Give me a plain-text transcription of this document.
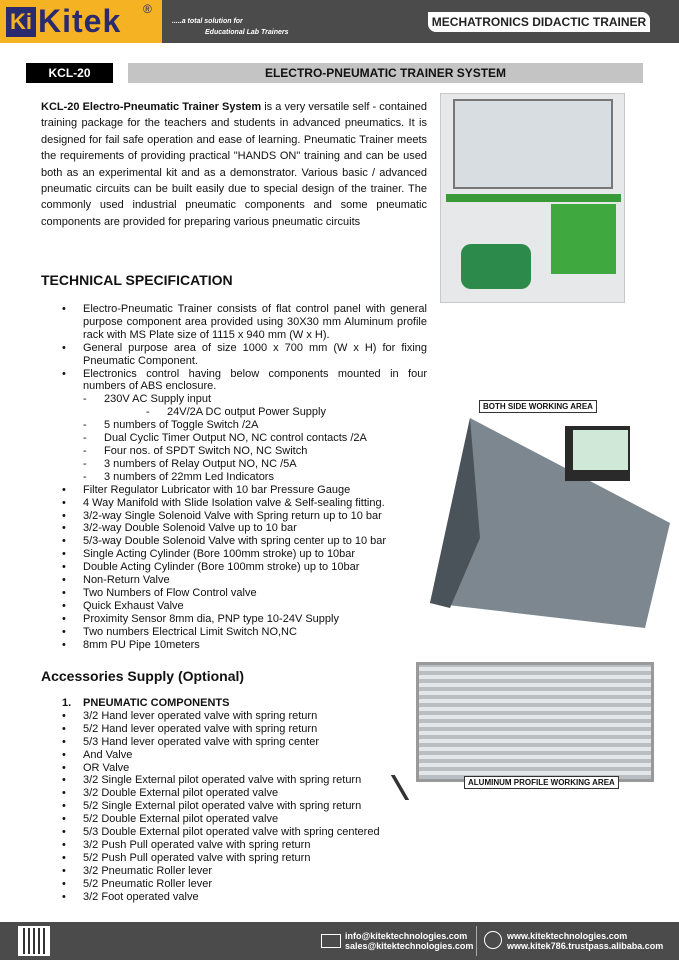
Ki Kitek ®
.....a total solution for
Educational Lab Trainers
MECHATRONICS DIDACTIC TRAINER
KCL-20	ELECTRO-PNEUMATIC TRAINER SYSTEM

KCL-20 Electro-Pneumatic Trainer System is a very versatile self - contained training package for the teachers and students in advanced pneumatics. It is designed for fail safe operation and ease of learning. Pneumatic Trainer meets the requirements of providing practical "HANDS ON" training and can be used both as an experimental kit and as a demonstrator. Various basic / advanced pneumatic circuits can be built easily due to special design of the trainer. The commonly used industrial pneumatic components and some pneumatic components are provided for preparing various pneumatic circuits

TECHNICAL SPECIFICATION
• Electro-Pneumatic Trainer consists of flat control panel with general purpose component area provided using 30X30 mm Aluminum profile rack with MS Plate size of 1115 x 940 mm (W x H).
• General purpose area of size 1000 x 700 mm (W x H) for fixing Pneumatic Component.
• Electronics control having below components mounted in four numbers of ABS enclosure.
- 230V AC Supply input
- 24V/2A DC output Power Supply
- 5 numbers of Toggle Switch /2A
- Dual Cyclic Timer Output NO, NC control contacts /2A
- Four nos. of SPDT Switch NO, NC Switch
- 3 numbers of Relay Output NO, NC /5A
- 3 numbers of 22mm Led Indicators
• Filter Regulator Lubricator with 10 bar Pressure Gauge
• 4 Way Manifold with Slide Isolation valve & Self-sealing fitting.
• 3/2-way Single Solenoid Valve with Spring return up to 10 bar
• 3/2-way Double Solenoid Valve up to 10 bar
• 5/3-way Double Solenoid Valve with spring center up to 10 bar
• Single Acting Cylinder (Bore 100mm stroke) up to 10bar
• Double Acting Cylinder (Bore 100mm stroke) up to 10bar
• Non-Return Valve
• Two Numbers of Flow Control valve
• Quick Exhaust Valve
• Proximity Sensor 8mm dia, PNP type 10-24V Supply
• Two numbers Electrical Limit Switch NO,NC
• 8mm PU Pipe 10meters
BOTH SIDE WORKING AREA
Accessories Supply (Optional)
1. PNEUMATIC COMPONENTS
• 3/2 Hand lever operated valve with spring return
• 5/2 Hand lever operated valve with spring return
• 5/3 Hand lever operated valve with spring center
• And Valve
• OR Valve
• 3/2 Single External pilot operated valve with spring return
• 3/2 Double External pilot operated valve
• 5/2 Single External pilot operated valve with spring return
• 5/2 Double External pilot operated valve
• 5/3 Double External pilot operated valve with spring centered
• 3/2 Push Pull operated valve with spring return
• 5/2 Push Pull operated valve with spring return
• 3/2 Pneumatic Roller lever
• 5/2 Pneumatic Roller lever
• 3/2 Foot operated valve
ALUMINUM PROFILE WORKING AREA
info@kitektechnologies.com
sales@kitektechnologies.com
www.kitektechnologies.com
www.kitek786.trustpass.alibaba.com
